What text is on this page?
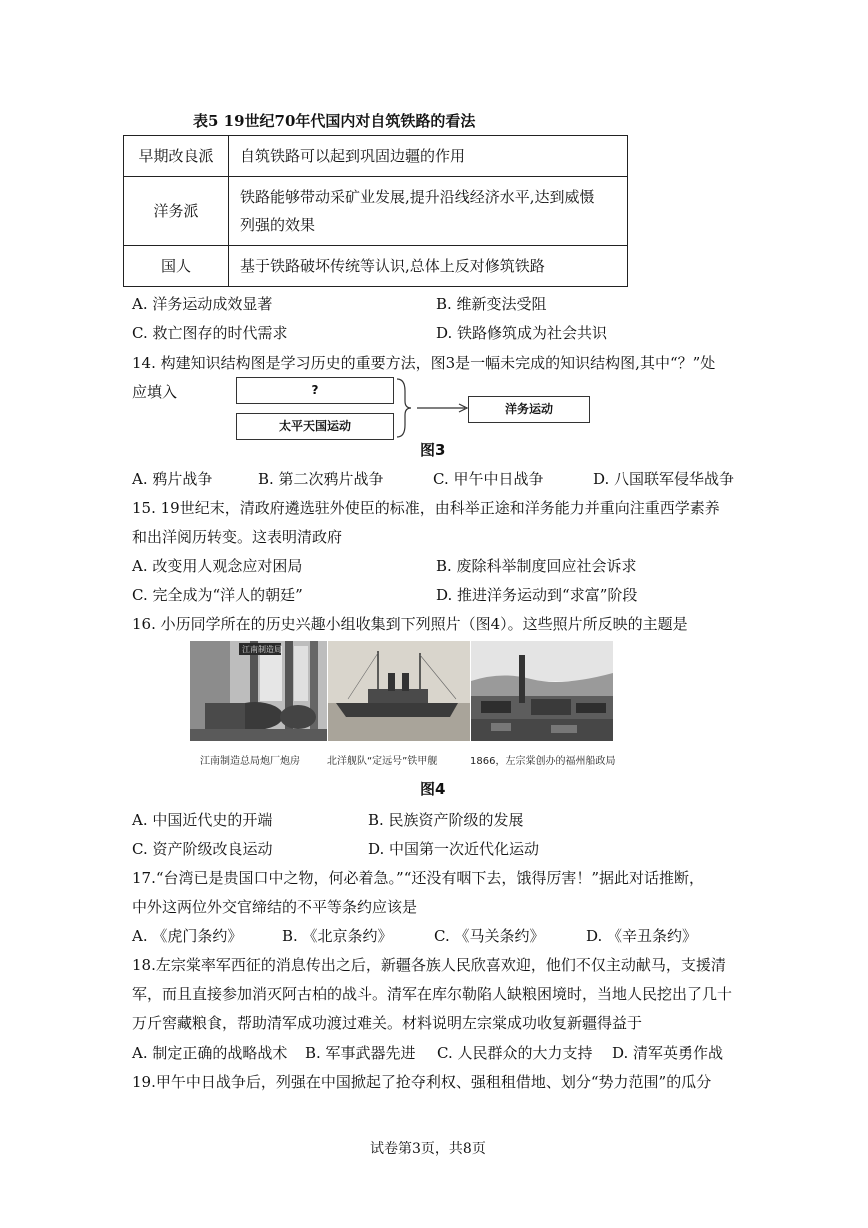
表5 19世纪70年代国内对自筑铁路的看法
早期改良派	自筑铁路可以起到巩固边疆的作用
洋务派	铁路能够带动采矿业发展,提升沿线经济水平,达到威慑
列强的效果

国人	基于铁路破坏传统等认识,总体上反对修筑铁路
A. 洋务运动成效显著	B. 维新变法受阻
C. 救亡图存的时代需求	D. 铁路修筑成为社会共识
14. 构建知识结构图是学习历史的重要方法，图3是一幅未完成的知识结构图,其中“？”处
应填入	?
太平天国运动
洋务运动
图3
A. 鸦片战争	B. 第二次鸦片战争	C. 甲午中日战争	D. 八国联军侵华战争
15. 19世纪末，清政府遴选驻外使臣的标准，由科举正途和洋务能力并重向注重西学素养
和出洋阅历转变。这表明清政府
A. 改变用人观念应对困局	B. 废除科举制度回应社会诉求
C. 完全成为“洋人的朝廷”	D. 推进洋务运动到“求富”阶段
16. 小历同学所在的历史兴趣小组收集到下列照片（图4）。这些照片所反映的主题是
江南制造局
江南制造总局炮厂炮房	北洋舰队“定远号”铁甲舰	1866，左宗棠创办的福州船政局
图4
A. 中国近代史的开端	B. 民族资产阶级的发展
C. 资产阶级改良运动	D. 中国第一次近代化运动
17.“台湾已是贵国口中之物，何必着急。”“还没有咽下去，饿得厉害！”据此对话推断，
中外这两位外交官缔结的不平等条约应该是
A. 《虎门条约》	B. 《北京条约》	C. 《马关条约》	D. 《辛丑条约》
18.左宗棠率军西征的消息传出之后，新疆各族人民欣喜欢迎，他们不仅主动献马，支援清
军，而且直接参加消灭阿古柏的战斗。清军在库尔勒陷人缺粮困境时，当地人民挖出了几十
万斤窖藏粮食，帮助清军成功渡过难关。材料说明左宗棠成功收复新疆得益于
A. 制定正确的战略战术 B. 军事武器先进 C. 人民群众的大力支持 D. 清军英勇作战
19.甲午中日战争后，列强在中国掀起了抢夺利权、强租租借地、划分“势力范围”的瓜分
试卷第3页，共8页
